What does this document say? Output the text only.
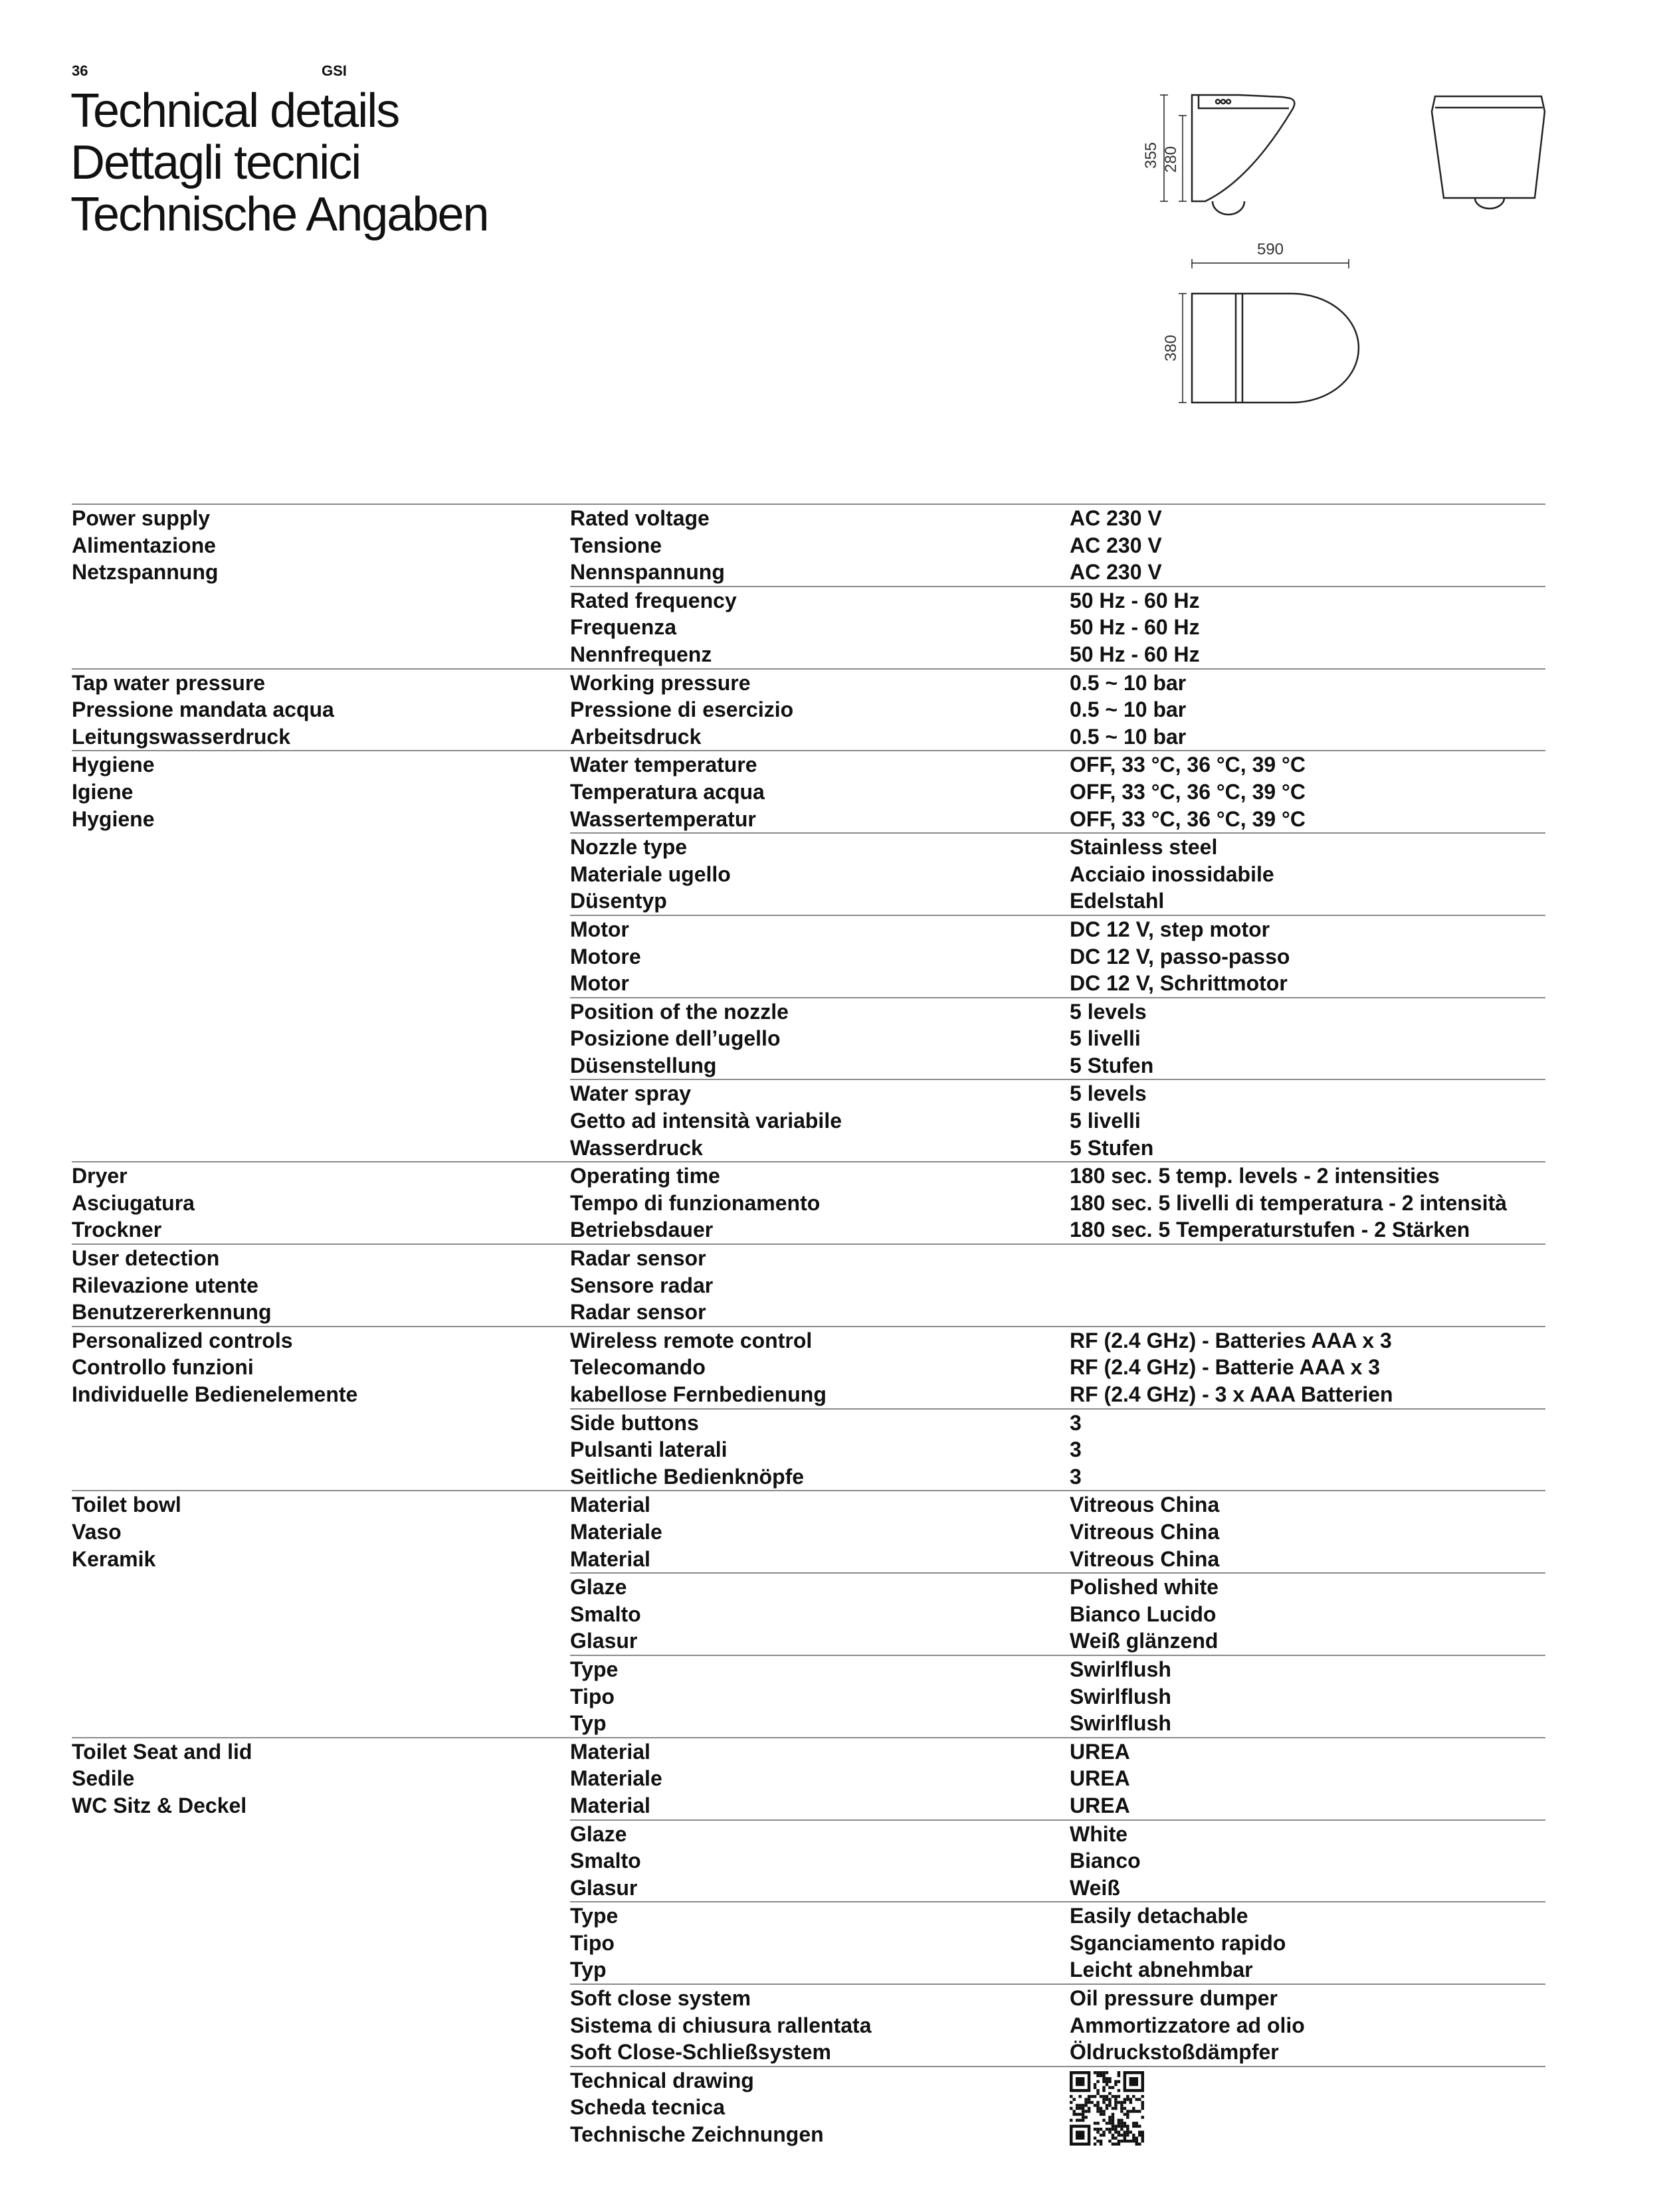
36	GSI
Technical details
Dettagli tecnici
Technische Angaben
355 280
590
380
Power supply
Alimentazione
Netzspannung
Rated voltage
Tensione
Nennspannung
AC 230 V
AC 230 V
AC 230 V
Rated frequency
Frequenza
Nennfrequenz
50 Hz - 60 Hz
50 Hz - 60 Hz
50 Hz - 60 Hz
Tap water pressure
Pressione mandata acqua
Leitungswasserdruck
Working pressure
Pressione di esercizio
Arbeitsdruck
0.5 ~ 10 bar
0.5 ~ 10 bar
0.5 ~ 10 bar
Hygiene
Igiene
Hygiene
Water temperature
Temperatura acqua
Wassertemperatur
OFF, 33 °C, 36 °C, 39 °C
OFF, 33 °C, 36 °C, 39 °C
OFF, 33 °C, 36 °C, 39 °C
Nozzle type
Materiale ugello
Düsentyp
Stainless steel
Acciaio inossidabile
Edelstahl
Motor
Motore
Motor
DC 12 V, step motor
DC 12 V, passo-passo
DC 12 V, Schrittmotor
Position of the nozzle
Posizione dell’ugello
Düsenstellung
5 levels
5 livelli
5 Stufen
Water spray
Getto ad intensità variabile
Wasserdruck
5 levels
5 livelli
5 Stufen
Dryer
Asciugatura
Trockner
Operating time
Tempo di funzionamento
Betriebsdauer
180 sec. 5 temp. levels - 2 intensities
180 sec. 5 livelli di temperatura - 2 intensità
180 sec. 5 Temperaturstufen - 2 Stärken
User detection
Rilevazione utente
Benutzererkennung
Radar sensor
Sensore radar
Radar sensor
Personalized controls
Controllo funzioni
Individuelle Bedienelemente
Wireless remote control
Telecomando
kabellose Fernbedienung
RF (2.4 GHz) - Batteries AAA x 3
RF (2.4 GHz) - Batterie AAA x 3
RF (2.4 GHz) - 3 x AAA Batterien
Side buttons
Pulsanti laterali
Seitliche Bedienknöpfe
3
3
3
Toilet bowl
Vaso
Keramik
Material
Materiale
Material
Vitreous China
Vitreous China
Vitreous China
Glaze
Smalto
Glasur
Polished white
Bianco Lucido
Weiß glänzend
Type
Tipo
Typ
Swirlflush
Swirlflush
Swirlflush
Toilet Seat and lid
Sedile
WC Sitz & Deckel
Material
Materiale
Material
UREA
UREA
UREA
Glaze
Smalto
Glasur
White
Bianco
Weiß
Type
Tipo
Typ
Easily detachable
Sganciamento rapido
Leicht abnehmbar
Soft close system
Sistema di chiusura rallentata
Soft Close-Schließsystem
Oil pressure dumper
Ammortizzatore ad olio
Öldruckstoßdämpfer
Technical drawing
Scheda tecnica
Technische Zeichnungen
